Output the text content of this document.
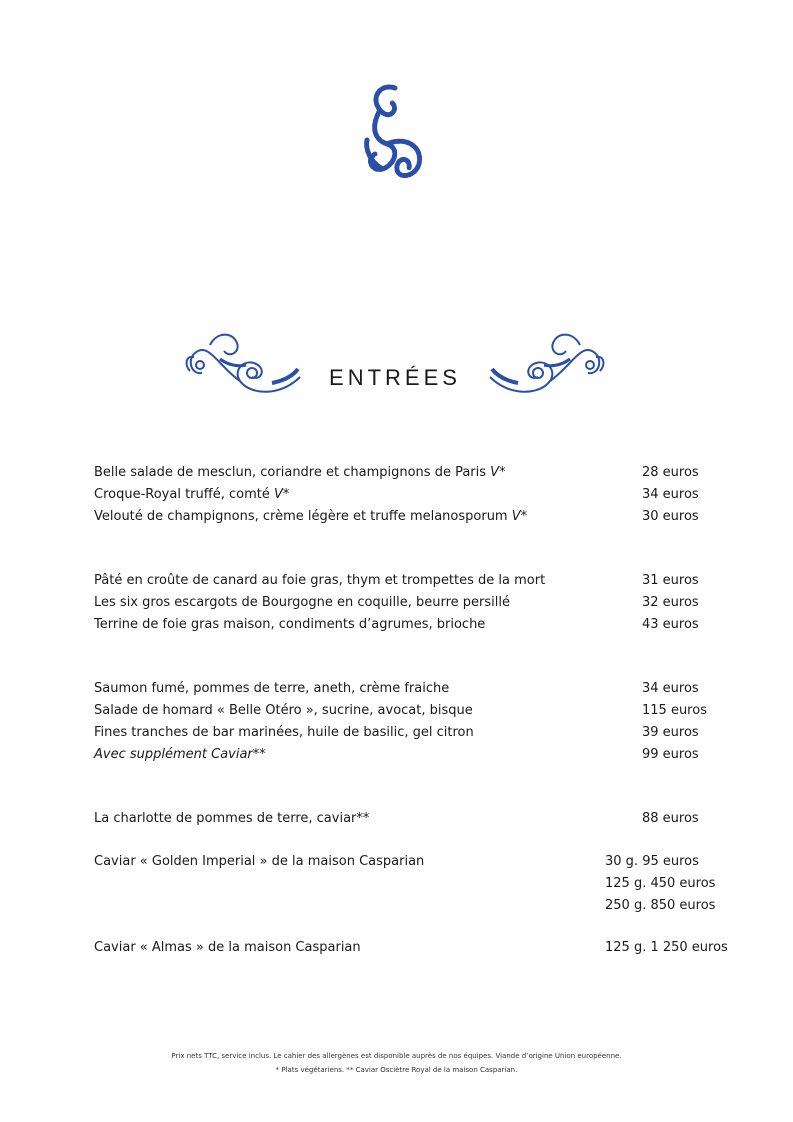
ENTRÉES
Belle salade de mesclun, coriandre et champignons de Paris V*	28 euros
Croque-Royal truffé, comté V*	34 euros
Velouté de champignons, crème légère et truffe melanosporum V*	30 euros
Pâté en croûte de canard au foie gras, thym et trompettes de la mort	31 euros
Les six gros escargots de Bourgogne en coquille, beurre persillé	32 euros
Terrine de foie gras maison, condiments d’agrumes, brioche	43 euros
Saumon fumé, pommes de terre, aneth, crème fraiche	34 euros
Salade de homard « Belle Otéro », sucrine, avocat, bisque	115 euros
Fines tranches de bar marinées, huile de basilic, gel citron	39 euros
Avec supplément Caviar**	99 euros
La charlotte de pommes de terre, caviar**	88 euros
Caviar « Golden Imperial » de la maison Casparian	30 g. 95 euros
125 g. 450 euros
250 g. 850 euros
Caviar « Almas » de la maison Casparian	125 g. 1 250 euros
Prix nets TTC, service inclus. Le cahier des allergènes est disponible auprès de nos équipes. Viande d’origine Union européenne.
* Plats végétariens. ** Caviar Osciètre Royal de la maison Casparian.
